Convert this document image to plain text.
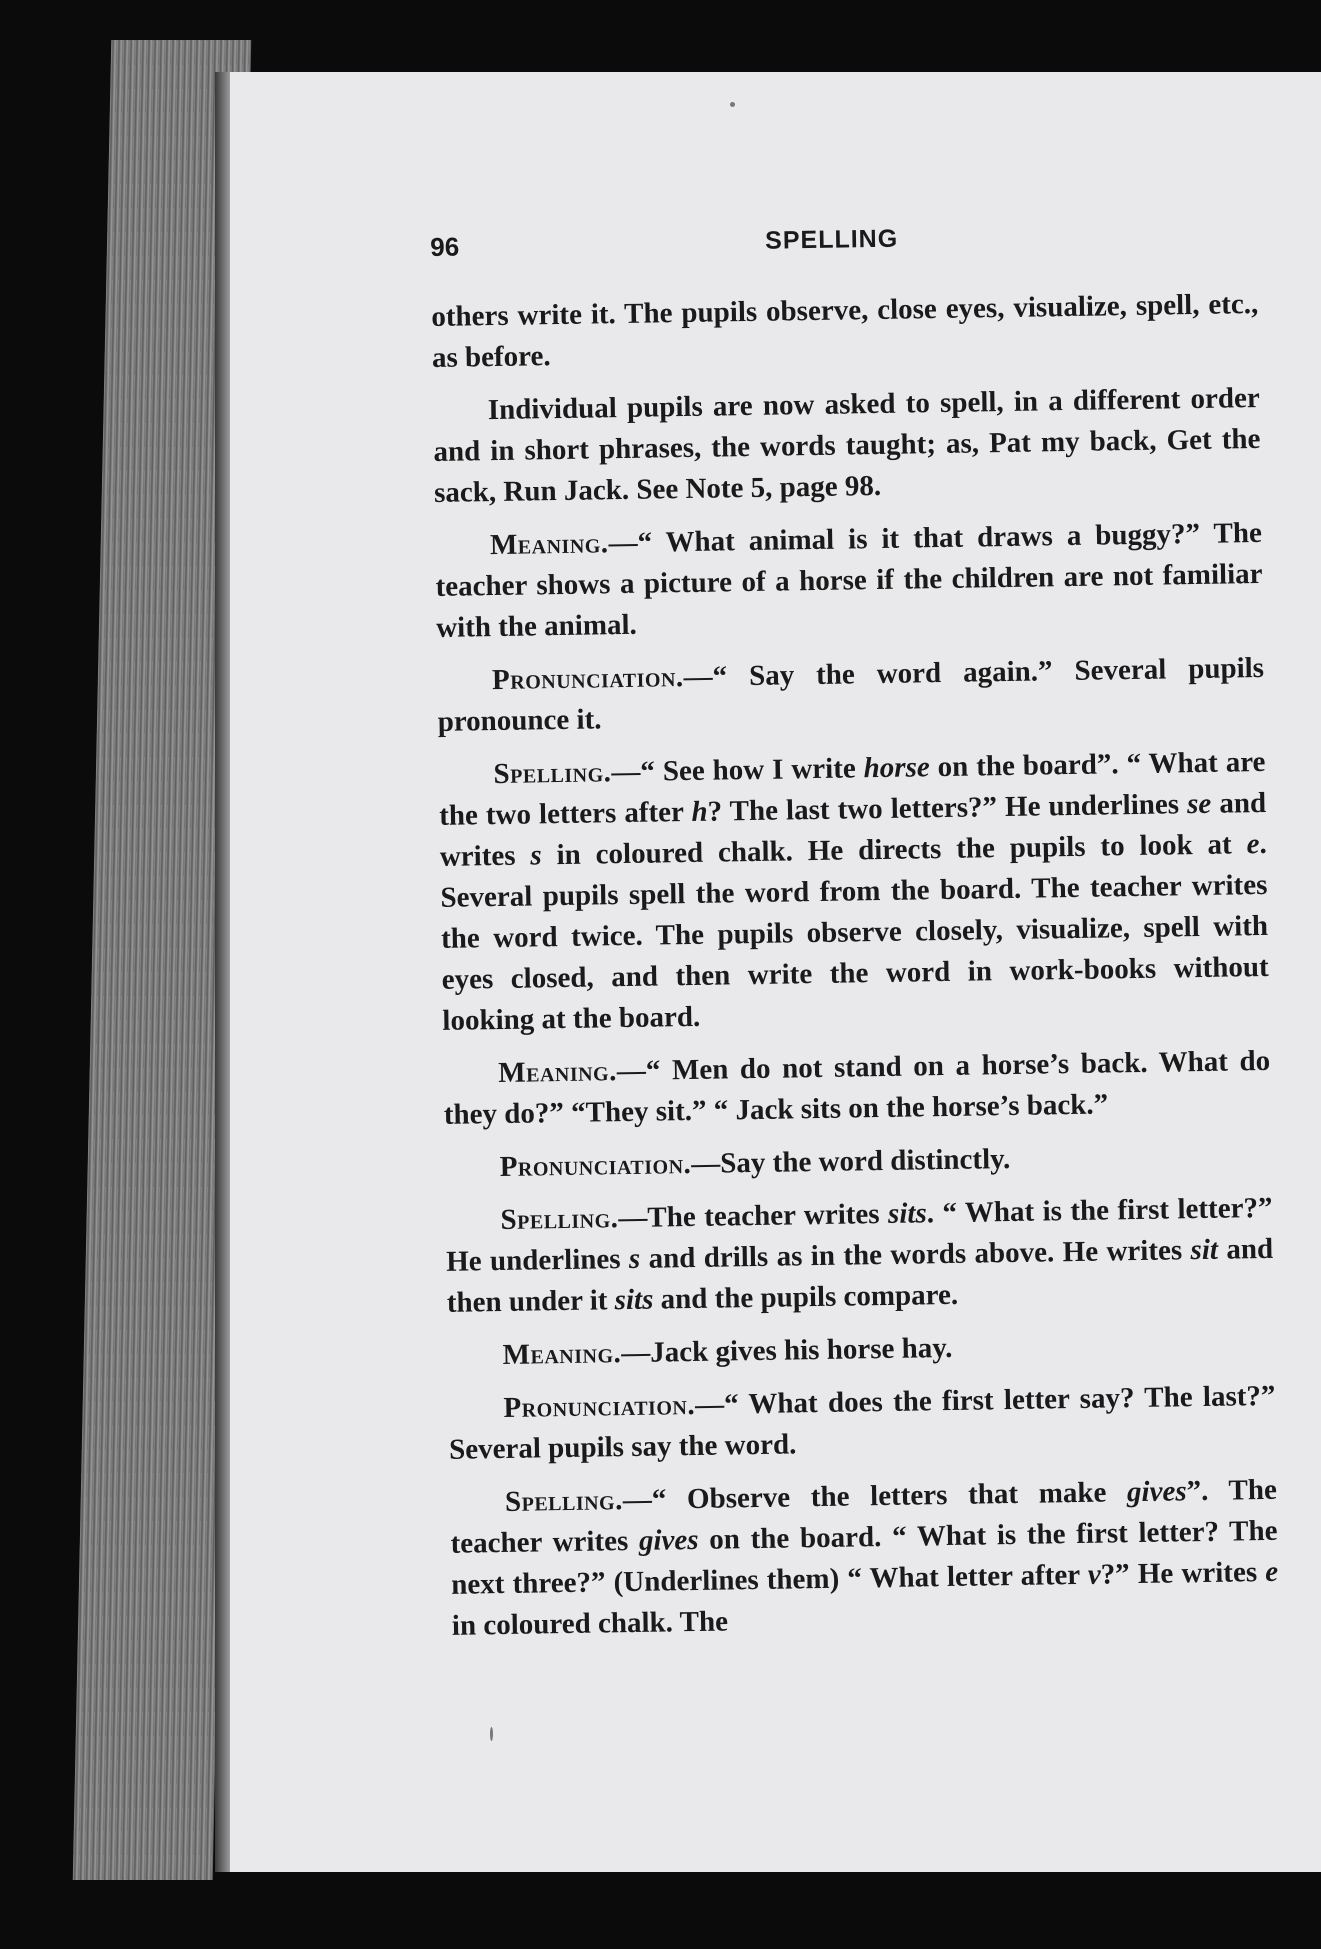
96	SPELLING

others write it. The pupils observe, close eyes, visualize, spell, etc., as before.

Individual pupils are now asked to spell, in a different order and in short phrases, the words taught; as, Pat my back, Get the sack, Run Jack. See Note 5, page 98.

Meaning.—“ What animal is it that draws a buggy?” The teacher shows a picture of a horse if the children are not familiar with the animal.

Pronunciation.—“ Say the word again.” Several pupils pronounce it.

Spelling.—“ See how I write horse on the board”. “ What are the two letters after h? The last two letters?” He underlines se and writes s in coloured chalk. He directs the pupils to look at e. Several pupils spell the word from the board. The teacher writes the word twice. The pupils observe closely, visualize, spell with eyes closed, and then write the word in work-books without looking at the board.

Meaning.—“ Men do not stand on a horse’s back. What do they do?” “They sit.” “ Jack sits on the horse’s back.”

Pronunciation.—Say the word distinctly.

Spelling.—The teacher writes sits. “ What is the first letter?” He underlines s and drills as in the words above. He writes sit and then under it sits and the pupils compare.

Meaning.—Jack gives his horse hay.

Pronunciation.—“ What does the first letter say? The last?” Several pupils say the word.

Spelling.—“ Observe the letters that make gives”. The teacher writes gives on the board. “ What is the first letter? The next three?” (Underlines them) “ What letter after v?” He writes e in coloured chalk. The
